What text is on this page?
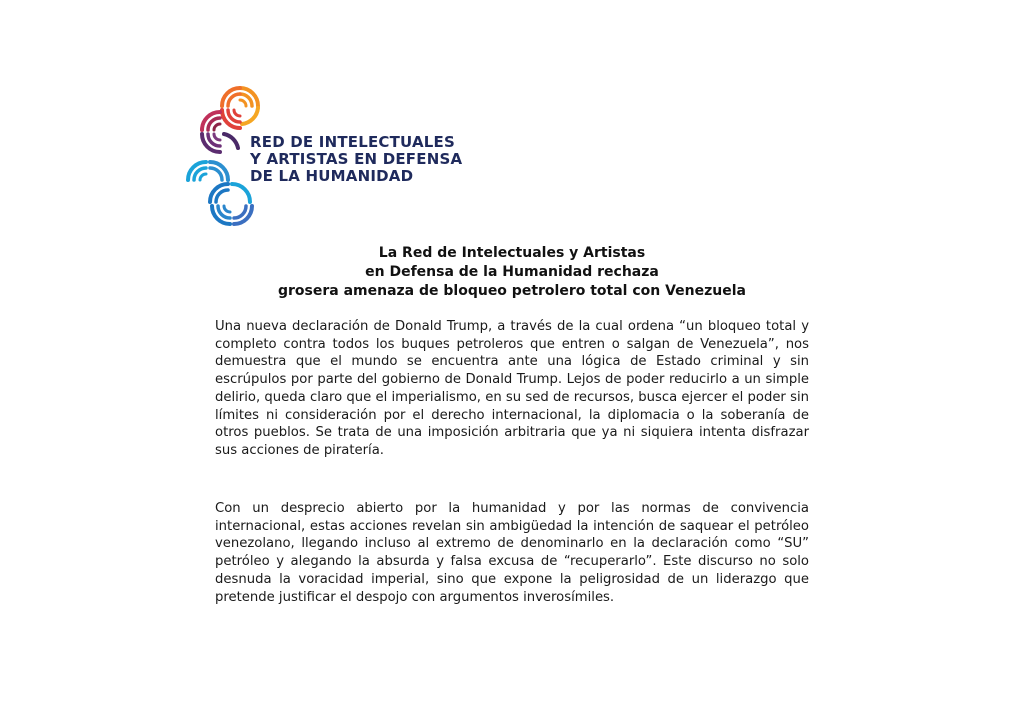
RED DE INTELECTUALES
Y ARTISTAS EN DEFENSA
DE LA HUMANIDAD
La Red de Intelectuales y Artistas
en Defensa de la Humanidad rechaza
grosera amenaza de bloqueo petrolero total con Venezuela

Una nueva declaración de Donald Trump, a través de la cual ordena “un bloqueo total y completo contra todos los buques petroleros que entren o salgan de Venezuela”, nos demuestra que el mundo se encuentra ante una lógica de Estado criminal y sin escrúpulos por parte del gobierno de Donald Trump. Lejos de poder reducirlo a un simple delirio, queda claro que el imperialismo, en su sed de recursos, busca ejercer el poder sin límites ni consideración por el derecho internacional, la diplomacia o la soberanía de otros pueblos. Se trata de una imposición arbitraria que ya ni siquiera intenta disfrazar sus acciones de piratería.

Con un desprecio abierto por la humanidad y por las normas de convivencia internacional, estas acciones revelan sin ambigüedad la intención de saquear el petróleo venezolano, llegando incluso al extremo de denominarlo en la declaración como “SU” petróleo y alegando la absurda y falsa excusa de “recuperarlo”. Este discurso no solo desnuda la voracidad imperial, sino que expone la peligrosidad de un liderazgo que pretende justificar el despojo con argumentos inverosímiles.
